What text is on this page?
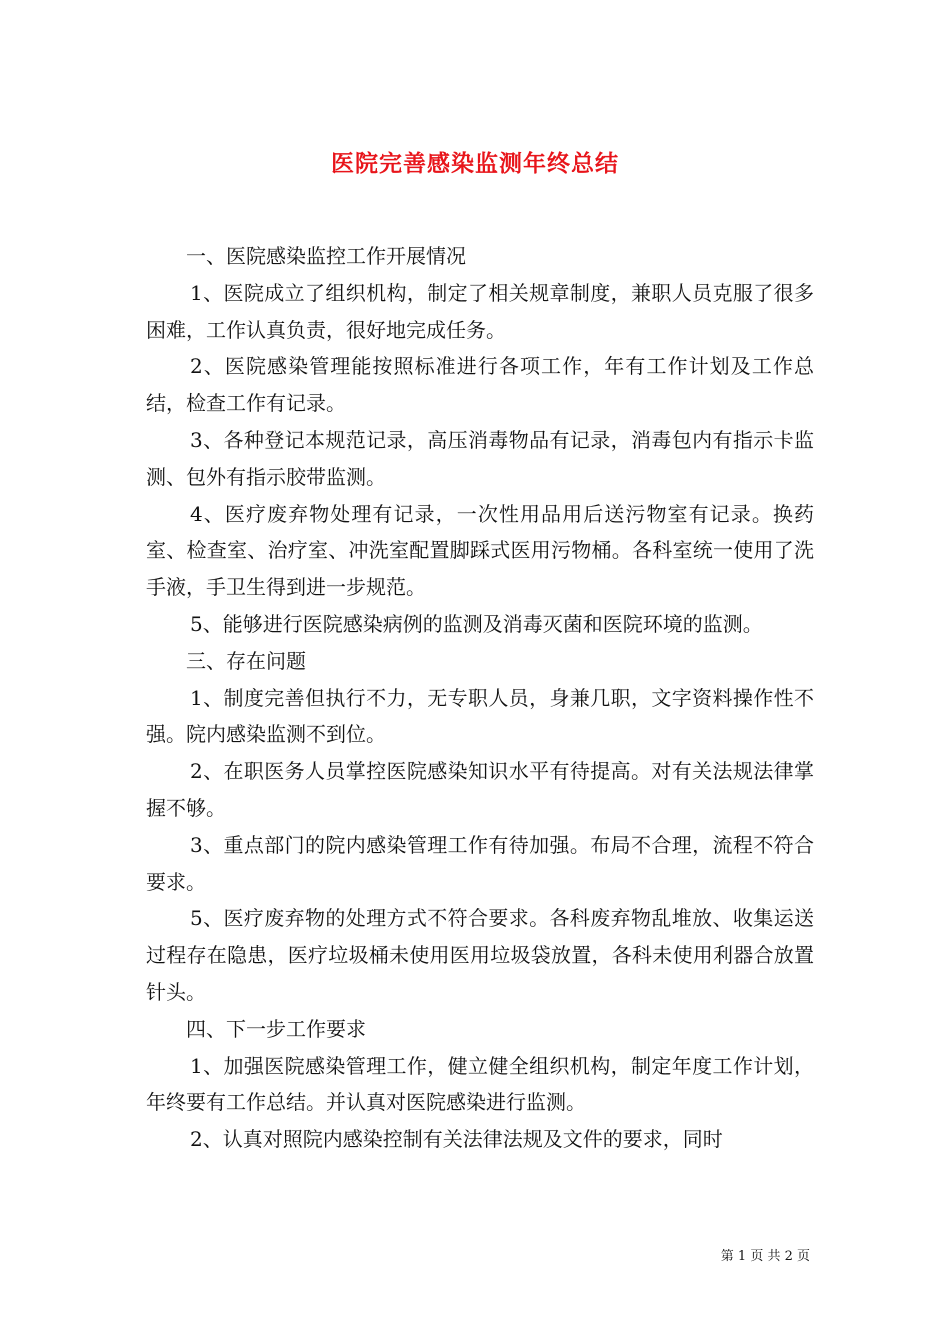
医院完善感染监测年终总结

一、医院感染监控工作开展情况

1、医院成立了组织机构，制定了相关规章制度，兼职人员克服了很多困难，工作认真负责，很好地完成任务。

2、医院感染管理能按照标准进行各项工作，年有工作计划及工作总结，检查工作有记录。

3、各种登记本规范记录，高压消毒物品有记录，消毒包内有指示卡监测、包外有指示胶带监测。

4、医疗废弃物处理有记录，一次性用品用后送污物室有记录。换药室、检查室、治疗室、冲洗室配置脚踩式医用污物桶。各科室统一使用了洗手液，手卫生得到进一步规范。

5、能够进行医院感染病例的监测及消毒灭菌和医院环境的监测。

三、存在问题

1、制度完善但执行不力，无专职人员，身兼几职，文字资料操作性不强。院内感染监测不到位。

2、在职医务人员掌控医院感染知识水平有待提高。对有关法规法律掌握不够。

3、重点部门的院内感染管理工作有待加强。布局不合理，流程不符合要求。

5、医疗废弃物的处理方式不符合要求。各科废弃物乱堆放、收集运送过程存在隐患，医疗垃圾桶未使用医用垃圾袋放置，各科未使用利器合放置针头。

四、下一步工作要求

1、加强医院感染管理工作，健立健全组织机构，制定年度工作计划，年终要有工作总结。并认真对医院感染进行监测。

2、认真对照院内感染控制有关法律法规及文件的要求，同时

第 1 页 共 2 页
